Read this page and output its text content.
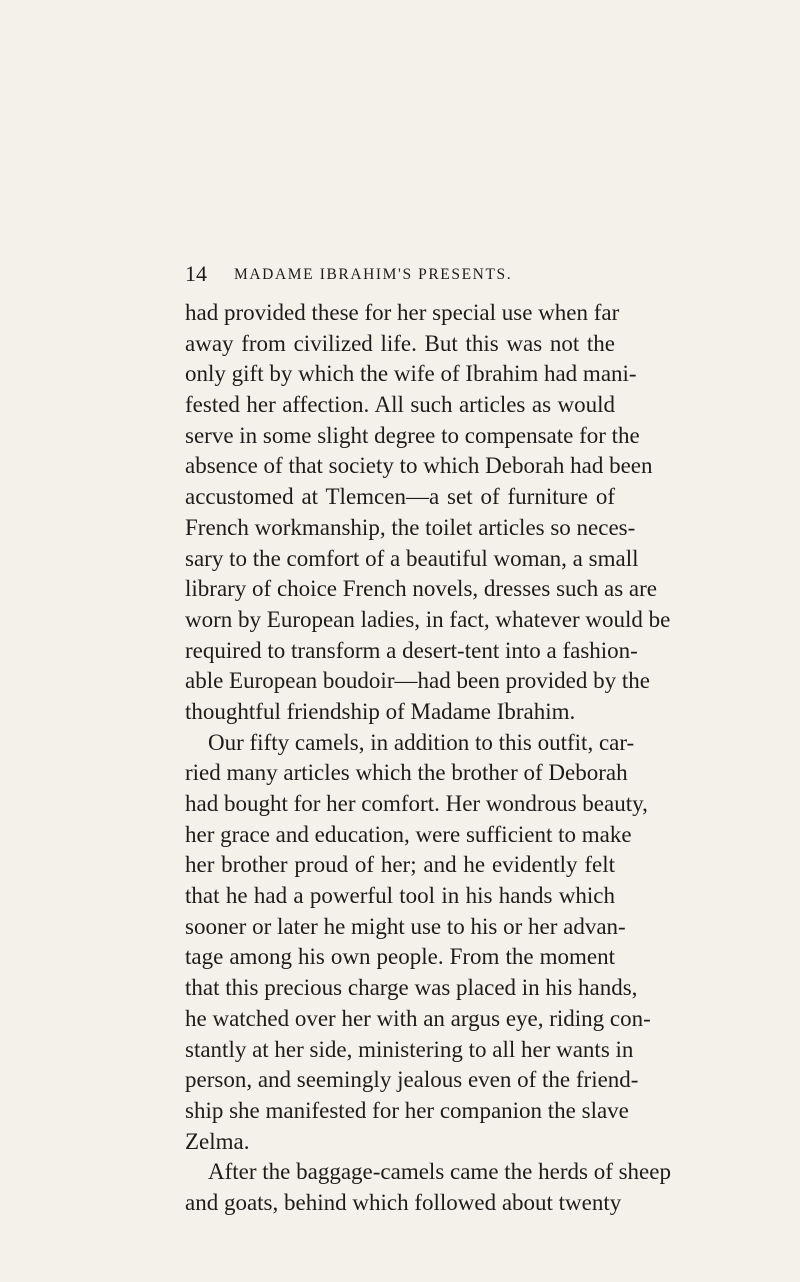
14 MADAME IBRAHIM'S PRESENTS.
had provided these for her special use when far
away from civilized life. But this was not the
only gift by which the wife of Ibrahim had mani-
fested her affection. All such articles as would
serve in some slight degree to compensate for the
absence of that society to which Deborah had been
accustomed at Tlemcen—a set of furniture of
French workmanship, the toilet articles so neces-
sary to the comfort of a beautiful woman, a small
library of choice French novels, dresses such as are
worn by European ladies, in fact, whatever would be
required to transform a desert-tent into a fashion-
able European boudoir—had been provided by the
thoughtful friendship of Madame Ibrahim.
Our fifty camels, in addition to this outfit, car-
ried many articles which the brother of Deborah
had bought for her comfort. Her wondrous beauty,
her grace and education, were sufficient to make
her brother proud of her; and he evidently felt
that he had a powerful tool in his hands which
sooner or later he might use to his or her advan-
tage among his own people. From the moment
that this precious charge was placed in his hands,
he watched over her with an argus eye, riding con-
stantly at her side, ministering to all her wants in
person, and seemingly jealous even of the friend-
ship she manifested for her companion the slave
Zelma.
After the baggage-camels came the herds of sheep
and goats, behind which followed about twenty
